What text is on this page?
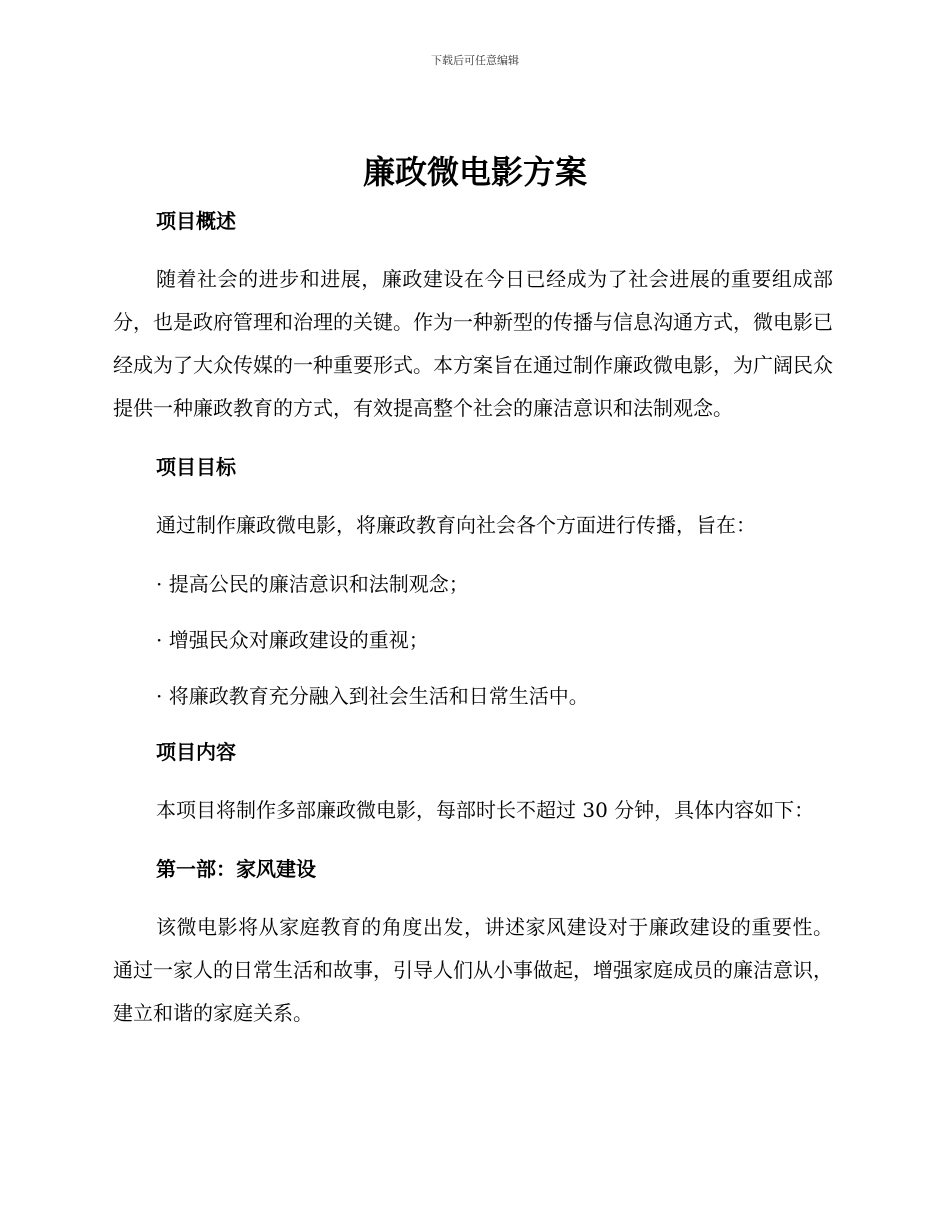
下载后可任意编辑
廉政微电影方案
项目概述

随着社会的进步和进展，廉政建设在今日已经成为了社会进展的重要组成部分，也是政府管理和治理的关键。作为一种新型的传播与信息沟通方式，微电影已经成为了大众传媒的一种重要形式。本方案旨在通过制作廉政微电影，为广阔民众提供一种廉政教育的方式，有效提高整个社会的廉洁意识和法制观念。

项目目标

通过制作廉政微电影，将廉政教育向社会各个方面进行传播，旨在：

· 提高公民的廉洁意识和法制观念；
· 增强民众对廉政建设的重视；
· 将廉政教育充分融入到社会生活和日常生活中。
项目内容

本项目将制作多部廉政微电影，每部时长不超过 30 分钟，具体内容如下：

第一部：家风建设

该微电影将从家庭教育的角度出发，讲述家风建设对于廉政建设的重要性。通过一家人的日常生活和故事，引导人们从小事做起，增强家庭成员的廉洁意识，建立和谐的家庭关系。
